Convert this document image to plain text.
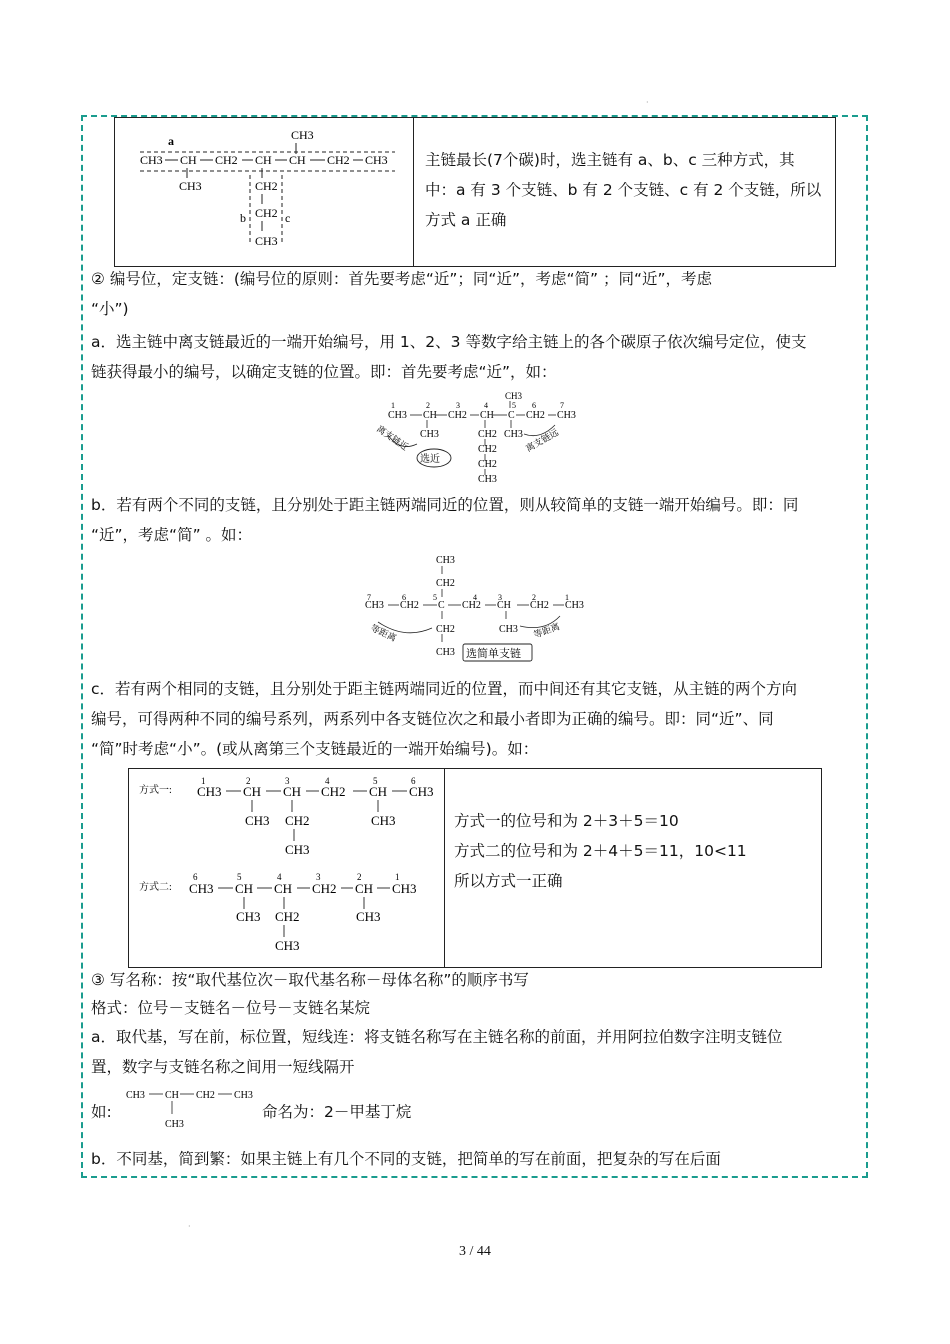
·
a	CH3
CH3 CH CH2 CH CH CH2 CH3
CH3	CH2
CH2
CH3
b	c
主链最长(7个碳)时，选主链有 a、b、c 三种方式，其
中：a 有 3 个支链、b 有 2 个支链、c 有 2 个支链，所以
方式 a 正确
② 编号位，定支链：(编号位的原则：首先要考虑“近”；同“近”，考虑“简” ；同“近”，考虑
“小”)
a．选主链中离支链最近的一端开始编号，用 1、2、3 等数字给主链上的各个碳原子依次编号定位，使支
链获得最小的编号，以确定支链的位置。即：首先要考虑“近”，如：
1	2	3	4	5 6	7
CH3
CH3 CH CH2 CH C CH2 CH3
CH3	CH2
CH2
CH2
CH3
CH3
离支链近	离支链远
选近
b．若有两个不同的支链，且分别处于距主链两端同近的位置，则从较简单的支链一端开始编号。即：同
“近”，考虑“简” 。如：
CH3
CH2
7	6	5	4	3	2	1
CH3 CH2 C CH2 CH CH2 CH3
CH2
CH3
CH3
等距离	等距离
选简单支链
c．若有两个相同的支链，且分别处于距主链两端同近的位置，而中间还有其它支链，从主链的两个方向
编号，可得两种不同的编号系列，两系列中各支链位次之和最小者即为正确的编号。即：同“近”、同
“简”时考虑“小”。(或从离第三个支链最近的一端开始编号)。如：
方式一:
1	2	3	4	5	6
CH3 CH CH CH2 CH CH3
CH3 CH2
CH3
CH3
方式二:
6	5	4	3	2	1
CH3 CH CH CH2 CH CH3
CH3 CH2
CH3
CH3
方式一的位号和为 2＋3＋5＝10
方式二的位号和为 2＋4＋5＝11，10<11
所以方式一正确
③ 写名称：按“取代基位次－取代基名称－母体名称”的顺序书写
格式：位号－支链名－位号－支链名某烷
a．取代基，写在前，标位置，短线连：将支链名称写在主链名称的前面，并用阿拉伯数字注明支链位
置，数字与支链名称之间用一短线隔开
如:
CH3 CH CH2 CH3
CH3
命名为：2－甲基丁烷
b．不同基，简到繁：如果主链上有几个不同的支链，把简单的写在前面，把复杂的写在后面
·
3 / 44
